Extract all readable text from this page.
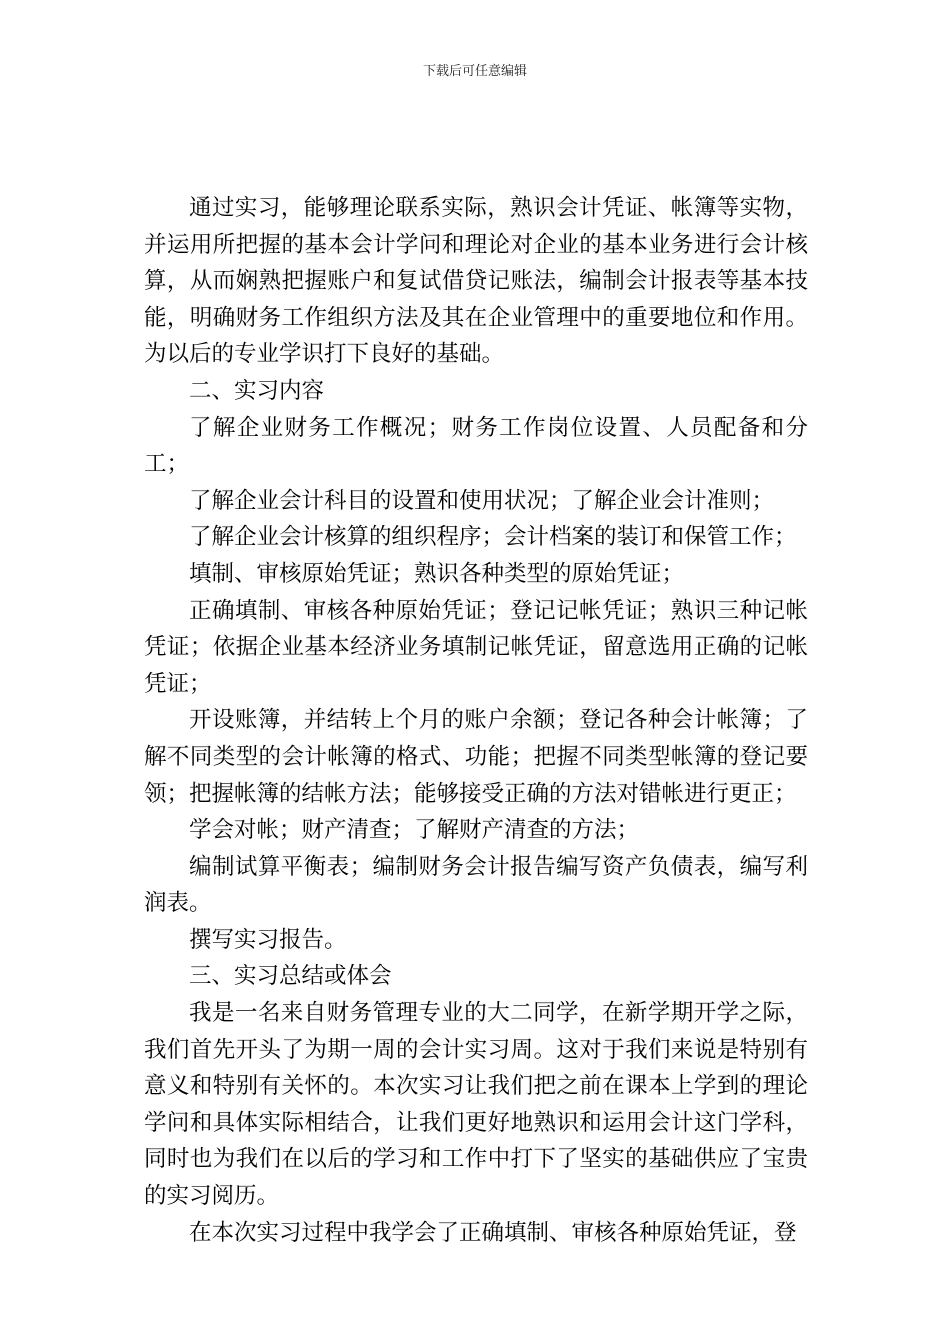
下载后可任意编辑

通过实习，能够理论联系实际，熟识会计凭证、帐簿等实物，并运用所把握的基本会计学问和理论对企业的基本业务进行会计核算，从而娴熟把握账户和复试借贷记账法，编制会计报表等基本技能，明确财务工作组织方法及其在企业管理中的重要地位和作用。为以后的专业学识打下良好的基础。

二、实习内容

了解企业财务工作概况；财务工作岗位设置、人员配备和分工；

了解企业会计科目的设置和使用状况；了解企业会计准则；

了解企业会计核算的组织程序；会计档案的装订和保管工作；

填制、审核原始凭证；熟识各种类型的原始凭证；

正确填制、审核各种原始凭证；登记记帐凭证；熟识三种记帐凭证；依据企业基本经济业务填制记帐凭证，留意选用正确的记帐凭证；

开设账簿，并结转上个月的账户余额；登记各种会计帐簿；了解不同类型的会计帐簿的格式、功能；把握不同类型帐簿的登记要领；把握帐簿的结帐方法；能够接受正确的方法对错帐进行更正；

学会对帐；财产清查；了解财产清查的方法；

编制试算平衡表；编制财务会计报告编写资产负债表，编写利润表。

撰写实习报告。

三、实习总结或体会

我是一名来自财务管理专业的大二同学，在新学期开学之际，我们首先开头了为期一周的会计实习周。这对于我们来说是特别有意义和特别有关怀的。本次实习让我们把之前在课本上学到的理论学问和具体实际相结合，让我们更好地熟识和运用会计这门学科，同时也为我们在以后的学习和工作中打下了坚实的基础供应了宝贵的实习阅历。

在本次实习过程中我学会了正确填制、审核各种原始凭证，登
